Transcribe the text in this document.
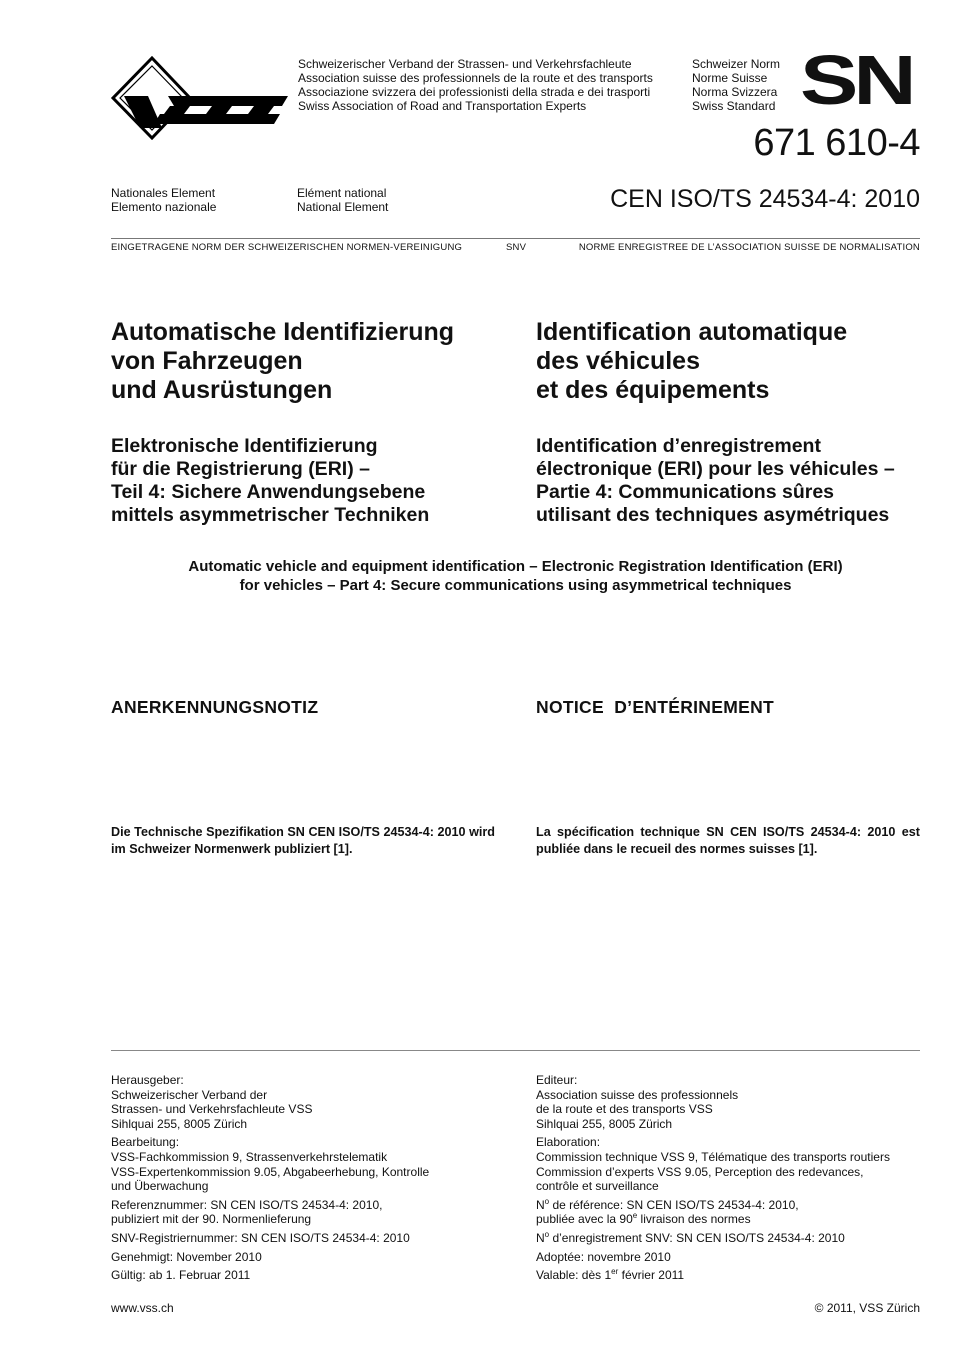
Schweizerischer Verband der Strassen- und Verkehrsfachleute
Association suisse des professionnels de la route et des transports
Associazione svizzera dei professionisti della strada e dei trasporti
Swiss Association of Road and Transportation Experts
Schweizer Norm
Norme Suisse
Norma Svizzera
Swiss Standard SN
671 610-4
Nationales Element
Elemento nazionale
Elément national
National Element	CEN ISO/TS 24534-4: 2010
EINGETRAGENE NORM DER SCHWEIZERISCHEN NORMEN-VEREINIGUNG	SNV	NORME ENREGISTREE DE L’ASSOCIATION SUISSE DE NORMALISATION
Automatische Identifizierung
von Fahrzeugen
und Ausrüstungen
Identification automatique
des véhicules
et des équipements
Elektronische Identifizierung
für die Registrierung (ERI) –
Teil 4: Sichere Anwendungsebene
mittels asymmetrischer Techniken
Identification d’enregistrement
électronique (ERI) pour les véhicules –
Partie 4: Communications sûres
utilisant des techniques asymétriques
Automatic vehicle and equipment identification – Electronic Registration Identification (ERI)
for vehicles – Part 4: Secure communications using asymmetrical techniques
ANERKENNUNGSNOTIZ	NOTICE  D’ENTÉRINEMENT
Die Technische Spezifikation SN CEN ISO/TS 24534-4: 2010 wird im Schweizer Normenwerk publiziert [1].
La spécification technique SN CEN ISO/TS 24534-4: 2010 est publiée dans le recueil des normes suisses [1].

Herausgeber:
Schweizerischer Verband der
Strassen- und Verkehrsfachleute VSS
Sihlquai 255, 8005 Zürich

Bearbeitung:
VSS-Fachkommission 9, Strassenverkehrstelematik
VSS-Expertenkommission 9.05, Abgabeerhebung, Kontrolle
und Überwachung

Referenznummer: SN CEN ISO/TS 24534-4: 2010,
publiziert mit der 90. Normenlieferung

SNV-Registriernummer: SN CEN ISO/TS 24534-4: 2010

Genehmigt: November 2010

Gültig: ab 1. Februar 2011

Editeur:
Association suisse des professionnels
de la route et des transports VSS
Sihlquai 255, 8005 Zürich

Elaboration:
Commission technique VSS 9, Télématique des transports routiers
Commission d’experts VSS 9.05, Perception des redevances,
contrôle et surveillance

$N^o$ de référence: SN CEN ISO/TS 24534-4: 2010,
publiée avec la 90e livraison des normes

$N^o$ d’enregistrement SNV: SN CEN ISO/TS 24534-4: 2010

Adoptée: novembre 2010

Valable: dès 1er février 2011

www.vss.ch	© 2011, VSS Zürich
